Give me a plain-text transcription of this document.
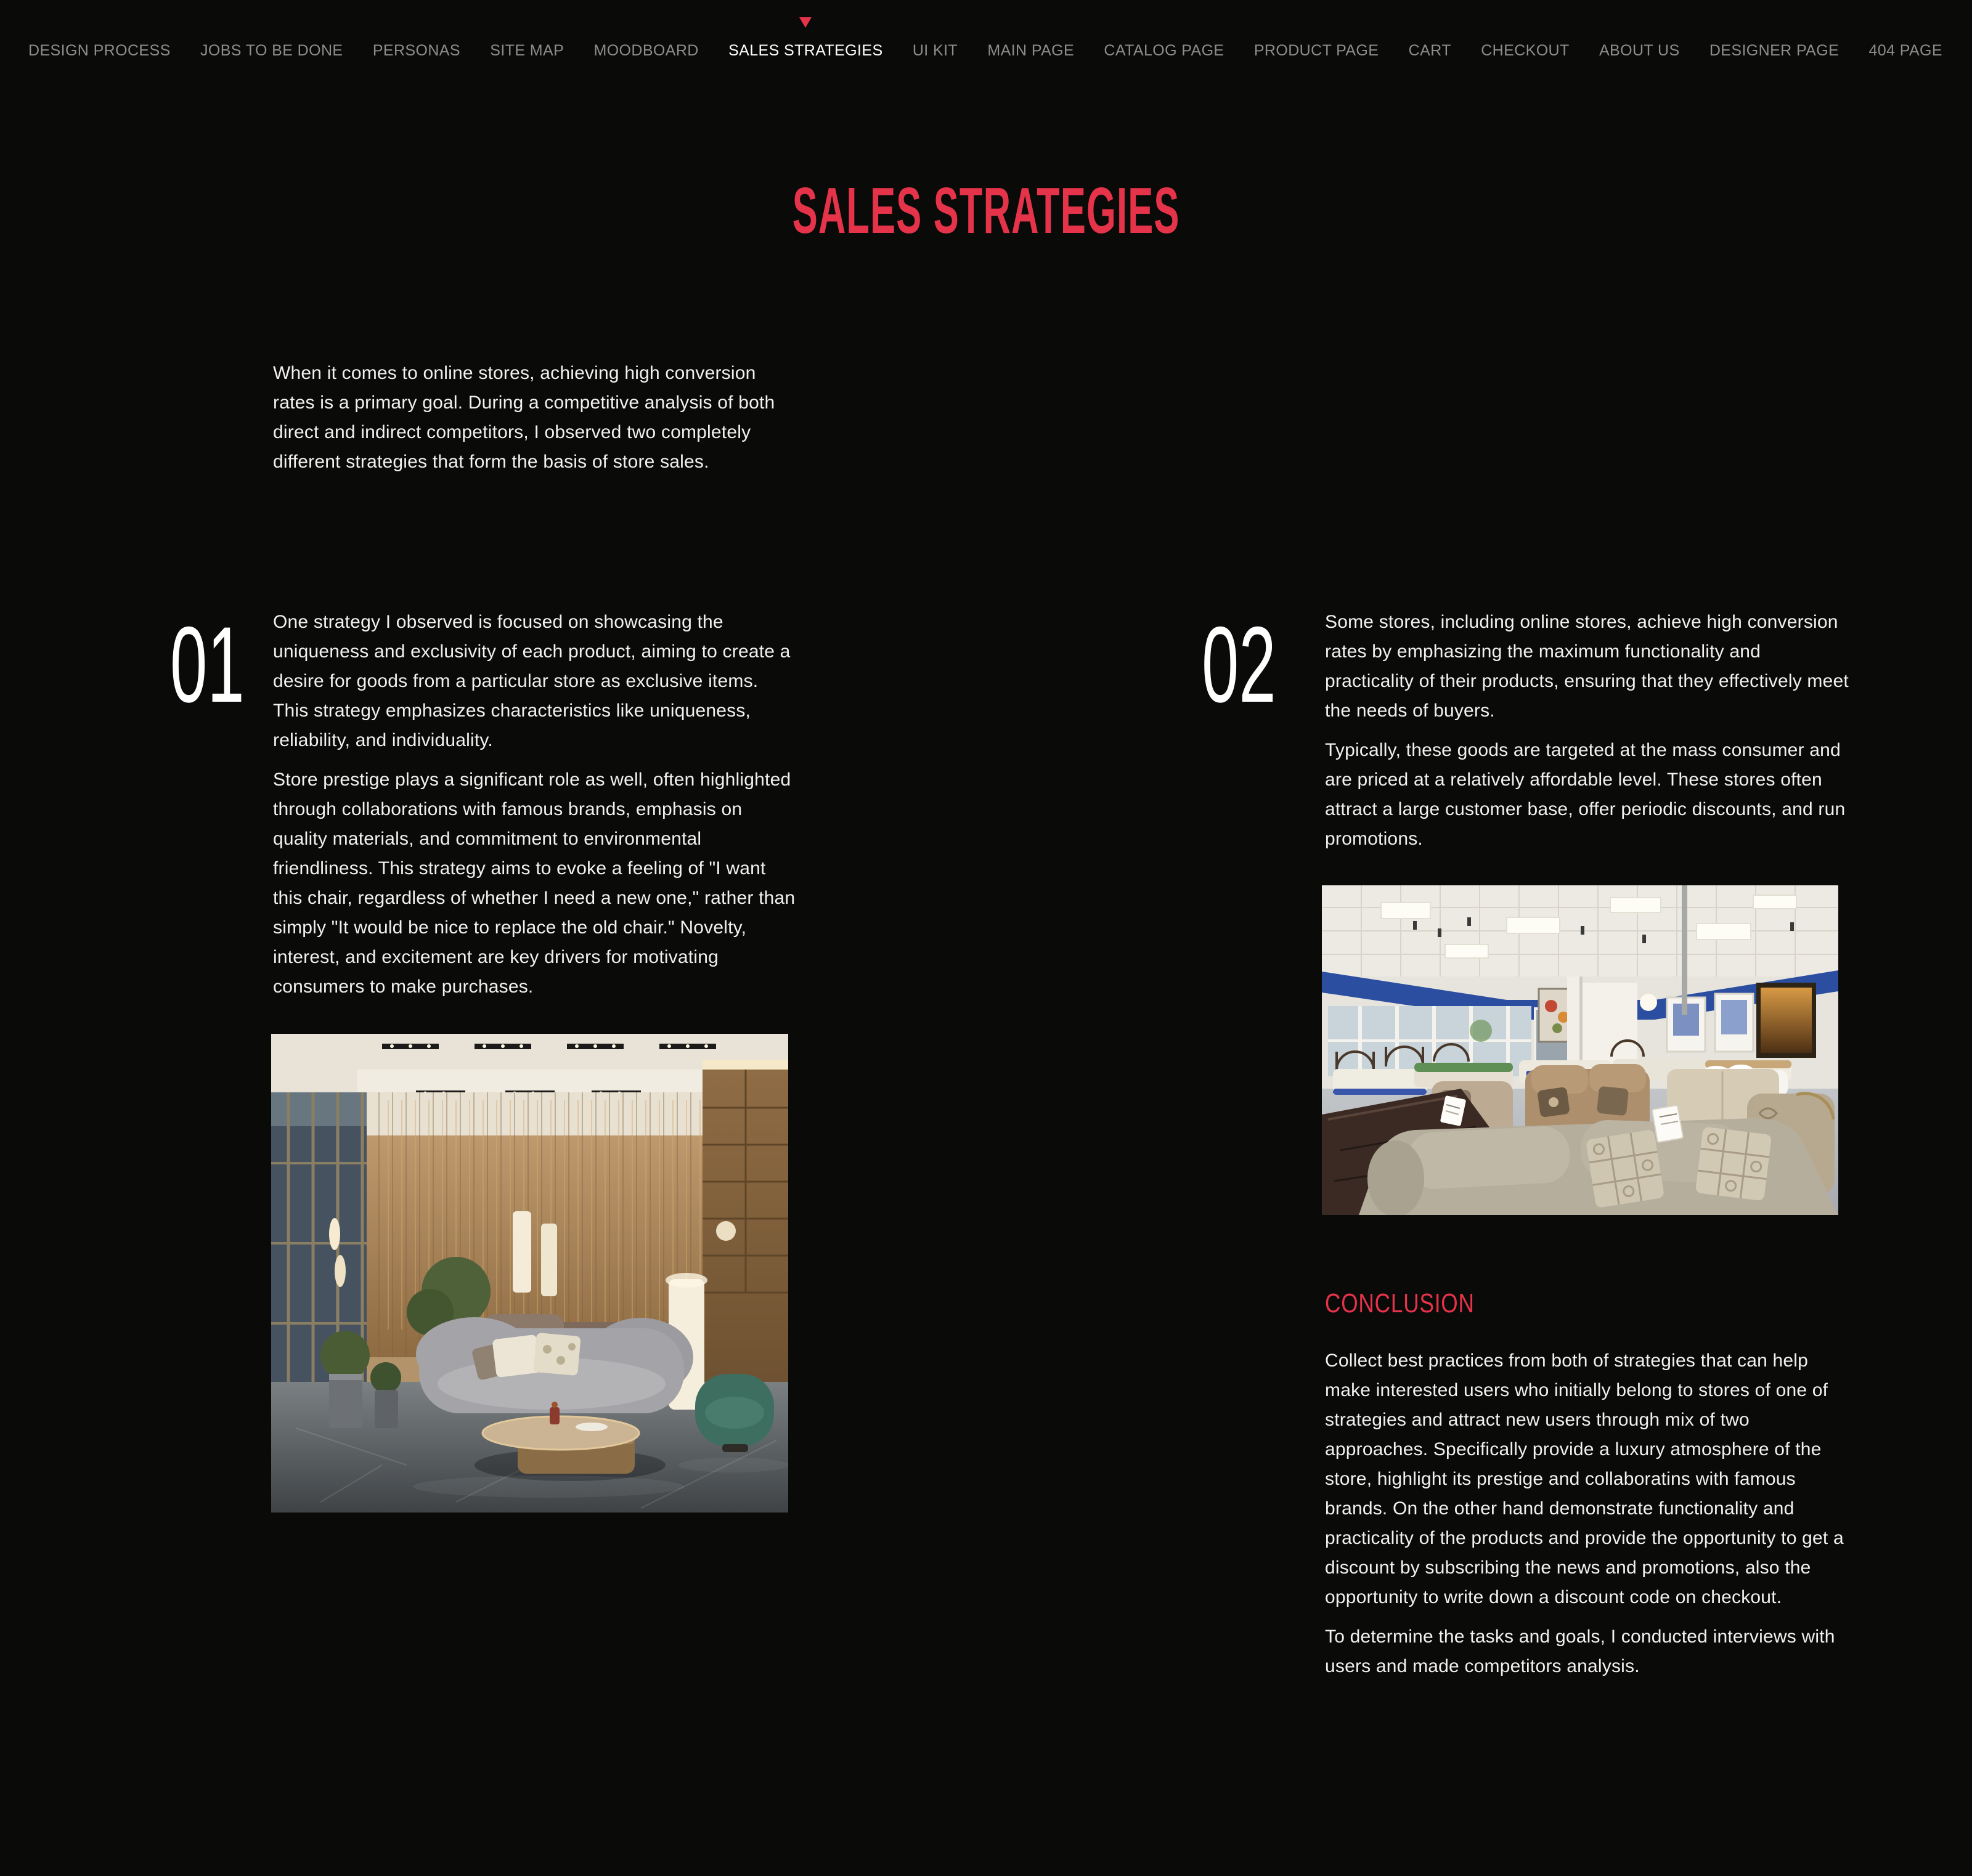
DESIGN PROCESS JOBS TO BE DONE PERSONAS SITE MAP MOODBOARD SALES STRATEGIES UI KIT MAIN PAGE CATALOG PAGE PRODUCT PAGE CART CHECKOUT ABOUT US DESIGNER PAGE 404 PAGE
SALES STRATEGIES

When it comes to online stores, achieving high conversion rates is a primary goal. During a competitive analysis of both direct and indirect competitors, I observed two completely different strategies that form the basis of store sales.

01 One strategy I observed is focused on showcasing the uniqueness and exclusivity of each product, aiming to create a desire for goods from a particular store as exclusive items. This strategy emphasizes characteristics like uniqueness, reliability, and individuality.

Store prestige plays a significant role as well, often highlighted through collaborations with famous brands, emphasis on quality materials, and commitment to environmental friendliness. This strategy aims to evoke a feeling of "I want this chair, regardless of whether I need a new one," rather than simply "It would be nice to replace the old chair." Novelty, interest, and excitement are key drivers for motivating consumers to make purchases.

02	Some stores, including online stores, achieve high conversion rates by emphasizing the maximum functionality and practicality of their products, ensuring that they effectively meet the needs of buyers.

Typically, these goods are targeted at the mass consumer and are priced at a relatively affordable level. These stores often attract a large customer base, offer periodic discounts, and run promotions.

CONCLUSION

Collect best practices from both of strategies that can help make interested users who initially belong to stores of one of strategies and attract new users through mix of two approaches. Specifically provide a luxury atmosphere of the store, highlight its prestige and collaboratins with famous brands. On the other hand demonstrate functionality and practicality of the products and provide the opportunity to get a discount by subscribing the news and promotions, also the opportunity to write down a discount code on checkout.

To determine the tasks and goals, I conducted interviews with users and made competitors analysis.
